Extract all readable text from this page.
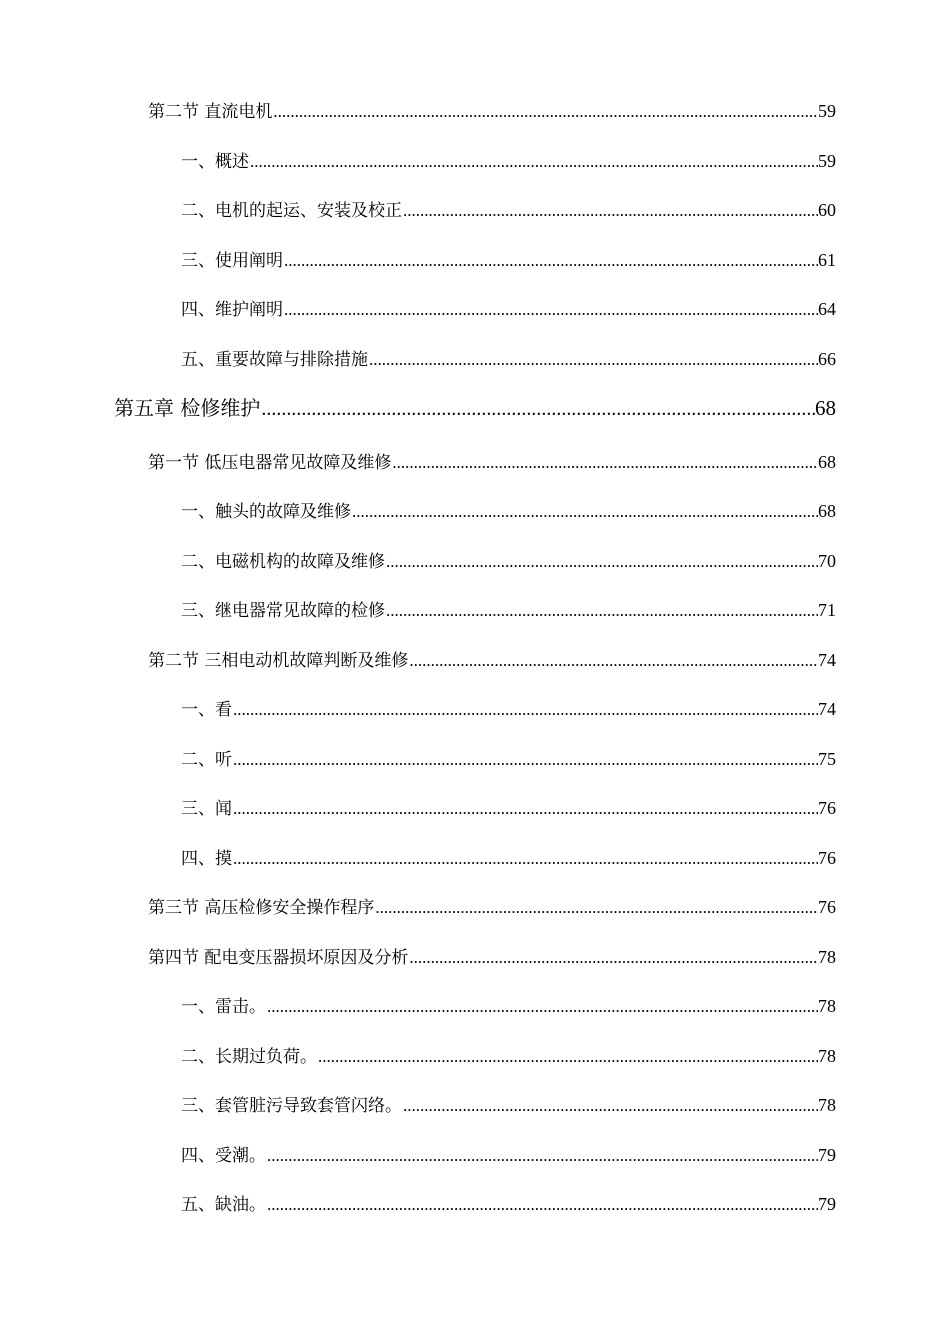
第二节 直流电机 .....	59
一、概述 .....	59
二、电机的起运、安装及校正 .....	60
三、使用阐明 .....	61
四、维护阐明 .....	64
五、重要故障与排除措施 .....	66
第五章 检修维护 .....	68
第一节 低压电器常见故障及维修 .....	68
一、触头的故障及维修 .....	68
二、电磁机构的故障及维修 .....	70
三、继电器常见故障的检修 .....	71
第二节 三相电动机故障判断及维修 .....	74
一、看 .....	74
二、听 .....	75
三、闻 .....	76
四、摸 .....	76
第三节 高压检修安全操作程序 .....	76
第四节 配电变压器损坏原因及分析 .....	78
一、雷击。 .....	78
二、长期过负荷。 .....	78
三、套管脏污导致套管闪络。 .....	78
四、受潮。 .....	79
五、缺油。 .....	79
